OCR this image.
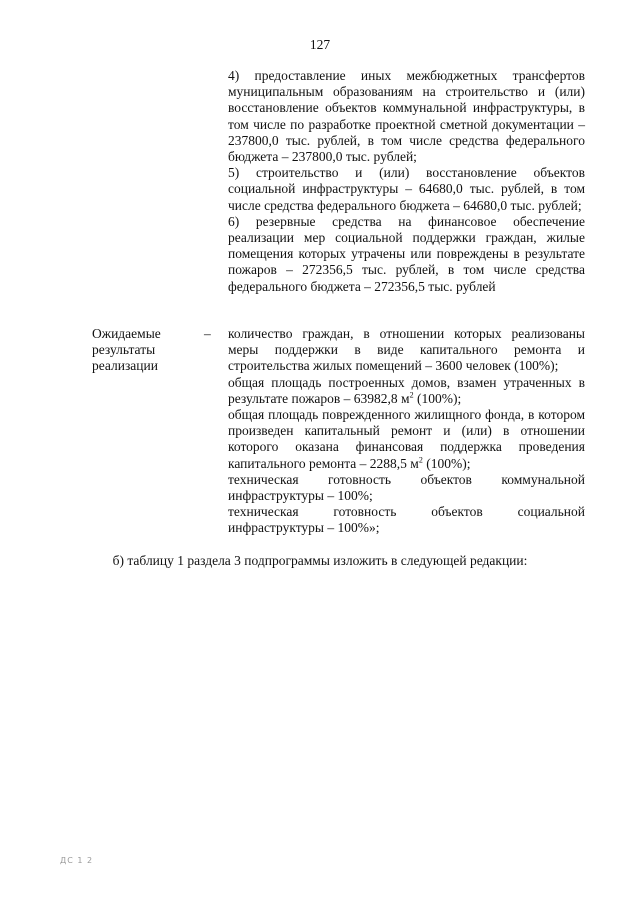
127

4) предоставление иных межбюджетных трансфертов муниципальным образованиям на строительство и (или) восстановление объектов коммунальной инфраструктуры, в том числе по разработке проектной сметной документации – 237800,0 тыс. рублей, в том числе средства федерального бюджета – 237800,0 тыс. рублей;

5) строительство и (или) восстановление объектов социальной инфраструктуры – 64680,0 тыс. рублей, в том числе средства федерального бюджета – 64680,0 тыс. рублей;

6) резервные средства на финансовое обеспечение реализации мер социальной поддержки граждан, жилые помещения которых утрачены или повреждены в результате пожаров – 272356,5 тыс. рублей, в том числе средства федерального бюджета – 272356,5 тыс. рублей

Ожидаемые
результаты
реализации
– количество граждан, в отношении которых реализованы меры поддержки в виде капитального ремонта и строительства жилых помещений – 3600 человек (100%);

общая площадь построенных домов, взамен утраченных в результате пожаров – 63982,8 $м^2$ (100%);

общая площадь поврежденного жилищного фонда, в котором произведен капитальный ремонт и (или) в отношении которого оказана финансовая поддержка проведения капитального ремонта – 2288,5 $м^2$ (100%);

техническая готовность объектов коммунальной инфраструктуры – 100%;

техническая готовность объектов социальной инфраструктуры – 100%»;

б) таблицу 1 раздела 3 подпрограммы изложить в следующей редакции:
ДС 1 2
